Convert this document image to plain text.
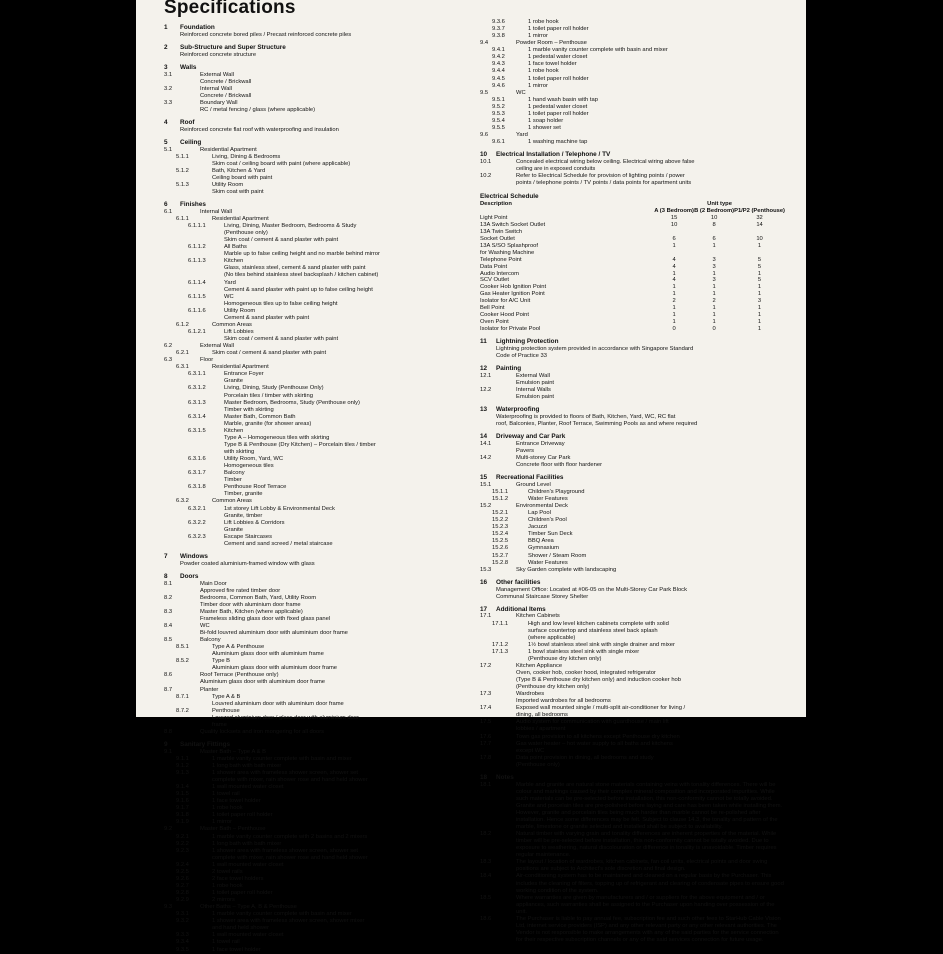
Specifications
1	Foundation
Reinforced concrete bored piles / Precast reinforced concrete piles
2	Sub-Structure and Super Structure
Reinforced concrete structure
3	Walls
3.1	External Wall
Concrete / Brickwall
3.2	Internal Wall
Concrete / Brickwall
3.3	Boundary Wall
RC / metal fencing / glass (where applicable)
4	Roof
Reinforced concrete flat roof with waterproofing and insulation
5	Ceiling
5.1	Residential Apartment
5.1.1	Living, Dining & Bedrooms
Skim coat / ceiling board with paint (where applicable)
5.1.2	Bath, Kitchen & Yard
Ceiling board with paint
5.1.3	Utility Room
Skim coat with paint
6	Finishes
6.1	Internal Wall
6.1.1	Residential Apartment
6.1.1.1	Living, Dining, Master Bedroom, Bedrooms & Study
(Penthouse only)
Skim coat / cement & sand plaster with paint
6.1.1.2	All Baths
Marble up to false ceiling height and no marble behind mirror
6.1.1.3	Kitchen
Glass, stainless steel, cement & sand plaster with paint
(No tiles behind stainless steel backsplash / kitchen cabinet)
6.1.1.4	Yard
Cement & sand plaster with paint up to false ceiling height
6.1.1.5	WC
Homogeneous tiles up to false ceiling height
6.1.1.6	Utility Room
Cement & sand plaster with paint
6.1.2	Common Areas
6.1.2.1	Lift Lobbies
Skim coat / cement & sand plaster with paint
6.2	External Wall
6.2.1	Skim coat / cement & sand plaster with paint
6.3	Floor
6.3.1	Residential Apartment
6.3.1.1	Entrance Foyer
Granite
6.3.1.2	Living, Dining, Study (Penthouse Only)
Porcelain tiles / timber with skirting
6.3.1.3	Master Bedroom, Bedrooms, Study (Penthouse only)
Timber with skirting
6.3.1.4	Master Bath, Common Bath
Marble, granite (for shower areas)
6.3.1.5	Kitchen
Type A – Homogeneous tiles with skirting
Type B & Penthouse (Dry Kitchen) – Porcelain tiles / timber
with skirting
6.3.1.6	Utility Room, Yard, WC
Homogeneous tiles
6.3.1.7	Balcony
Timber
6.3.1.8	Penthouse Roof Terrace
Timber, granite
6.3.2	Common Areas
6.3.2.1	1st storey Lift Lobby & Environmental Deck
Granite, timber
6.3.2.2	Lift Lobbies & Corridors
Granite
6.3.2.3	Escape Staircases
Cement and sand screed / metal staircase
7	Windows
Powder coated aluminium-framed window with glass
8	Doors
8.1	Main Door
Approved fire rated timber door
8.2	Bedrooms, Common Bath, Yard, Utility Room
Timber door with aluminium door frame
8.3	Master Bath, Kitchen (where applicable)
Frameless sliding glass door with fixed glass panel
8.4	WC
Bi-fold louvred aluminium door with aluminium door frame
8.5	Balcony
8.5.1	Type A & Penthouse
Aluminium glass door with aluminium frame
8.5.2	Type B
Aluminium glass door with aluminium door frame
8.6	Roof Terrace (Penthouse only)
Aluminium glass door with aluminium door frame
8.7	Planter
8.7.1	Type A & B
Louvred aluminium door with aluminium door frame
8.7.2	Penthouse
Louvred aluminium door / glass door with aluminium door
frame
8.8	Quality locksets and iron mongering for all doors
9	Sanitary Fittings
9.1	Master Bath – Type A & B
9.1.1	1 marble vanity counter complete with basin and mixer
9.1.2	1 long bath with bath mixer
9.1.3	1 shower area with frameless shower screen, shower set
complete with mixer, rain shower rose and hand held shower
9.1.4	1 wall mounted water closet
9.1.5	1 towel rail
9.1.6	1 face towel holder
9.1.7	1 robe hook
9.1.8	1 toilet paper roll holder
9.1.9	1 mirror
9.2	Master Bath – Penthouse
9.2.1	1 marble vanity counter complete with 2 basins and 2 mixers
9.2.2	1 long bath with bath mixer
9.2.3	1 shower area with frameless shower screen, shower set
complete with mixer, rain shower rose and hand held shower
9.2.4	1 wall mounted water closet
9.2.5	2 towel rails
9.2.6	2 face towel holders
9.2.7	1 robe hook
9.2.8	1 toilet paper roll holder
9.2.9	2 mirrors
9.3	Other Baths – Type A, B & Penthouse
9.3.1	1 marble vanity counter complete with basin and mixer
9.3.2	1 shower area with frameless shower screen, shower mixer
and hand held shower
9.3.3	1 wall mounted water closet
9.3.4	1 towel rail
9.3.5	1 face towel holder
9.3.6	1 robe hook
9.3.7	1 toilet paper roll holder
9.3.8	1 mirror
9.4	Powder Room – Penthouse
9.4.1	1 marble vanity counter complete with basin and mixer
9.4.2	1 pedestal water closet
9.4.3	1 face towel holder
9.4.4	1 robe hook
9.4.5	1 toilet paper roll holder
9.4.6	1 mirror
9.5	WC
9.5.1	1 hand wash basin with tap
9.5.2	1 pedestal water closet
9.5.3	1 toilet paper roll holder
9.5.4	1 soap holder
9.5.5	1 shower set
9.6	Yard
9.6.1	1 washing machine tap
10	Electrical Installation / Telephone / TV
10.1	Concealed electrical wiring below ceiling. Electrical wiring above false
ceiling are in exposed conduits
10.2	Refer to Electrical Schedule for provision of lighting points / power
points / telephone points / TV points / data points for apartment units
Electrical Schedule
Description	Unit type		
	A (3 Bedroom)	B (2 Bedroom)	P1/P2 (Penthouse)
Light Point	15	10	32
13A Switch Socket Outlet	10	8	14
13A Twin Switch			
Socket Outlet	6	6	10
13A S/SO Splashproof	1	1	1
for Washing Machine			
Telephone Point	4	3	5
Data Point	4	3	5
Audio Intercom	1	1	1
SCV Outlet	4	3	5
Cooker Hob Ignition Point	1	1	1
Gas Heater Ignition Point	1	1	1
Isolator for A/C Unit	2	2	3
Bell Point	1	1	1
Cooker Hood Point	1	1	1
Oven Point	1	1	1
Isolator for Private Pool	0	0	1
11	Lightning Protection
Lightning protection system provided in accordance with Singapore Standard
Code of Practice 33
12	Painting
12.1	External Wall
Emulsion paint
12.2	Internal Walls
Emulsion paint
13	Waterproofing
Waterproofing is provided to floors of Bath, Kitchen, Yard, WC, RC flat
roof, Balconies, Planter, Roof Terrace, Swimming Pools as and where required
14	Driveway and Car Park
14.1	Entrance Driveway
Pavers
14.2	Multi-storey Car Park
Concrete floor with floor hardener
15	Recreational Facilities
15.1	Ground Level
15.1.1	Children's Playground
15.1.2	Water Features
15.2	Environmental Deck
15.2.1	Lap Pool
15.2.2	Children's Pool
15.2.3	Jacuzzi
15.2.4	Timber Sun Deck
15.2.5	BBQ Area
15.2.6	Gymnasium
15.2.7	Shower / Steam Room
15.2.8	Water Features
15.3	Sky Garden complete with landscaping
16	Other facilities
Management Office: Located at #06-05 on the Multi-Storey Car Park Block
Communal Staircase Storey Shelter
17	Additional Items
17.1	Kitchen Cabinets
17.1.1	High and low level kitchen cabinets complete with solid
surface countertop and stainless steel back splash
(where applicable)
17.1.2	1½ bowl stainless steel sink with single drainer and mixer
17.1.3	1 bowl stainless steel sink with single mixer
(Penthouse dry kitchen only)
17.2	Kitchen Appliance
Oven, cooker hob, cooker hood, integrated refrigerator
(Type B & Penthouse dry kitchen only) and induction cooker hob
(Penthouse dry kitchen only)
17.3	Wardrobes
Imported wardrobes for all bedrooms
17.4	Exposed wall mounted single / multi-split air-conditioner for living /
dining, all bedrooms
17.5	Audio system for communication with guardhouse / main lift
lobbies / apartment
17.6	Town gas provision to all kitchens except Penthouse dry kitchen
17.7	Gas water heater – hot water supply to all baths and kitchens
except WC
17.8	Data point provision in dining, all bedrooms and study
(Penthouse only)
18	Notes
18.1	Marble and granite are natural stone materials containing veins with tonality differences. There will be colour and markings caused by their complex mineral composition and incorporated impurities. While such materials can be pre-selected before installation, this non-conformity cannot be totally avoided. Granite and porcelain tiles are pre-polished before laying and care has been taken while installing them. However, granite and porcelain tiles being much harder than marble cannot be re-polished after installation. Hence some differences may be felt. Subject to clause 14.3, the tonality and pattern of the marble, limestone or granite selected and installed shall be subject to availability.
18.2	Natural timber with varying grain and tonality differences are inherent properties of the material. While timber will be pre-selected before installation, this non-conformity cannot be totally avoided. Due to exposure to weathering, natural discolouration or difference in tonality is unavoidable. Timber requires regular maintenance.
18.3	The layout / location of wardrobes, kitchen cabinets, fan coil units, electrical points and door swing positions are subject to Architect's sole discretion and final design.
18.4	Air-conditioning system has to be maintained and cleaned on a regular basis by the Purchaser. This includes the cleaning of filters, topping up of refrigerant and clearing of condensate pipes to ensure good working condition of the system.
18.5	Where warranties are given by manufacturers and / or suppliers for the above equipment and / or appliances, such warranties shall be assigned to the Purchaser upon handing over possession of the unit.
18.6	The Purchaser is liable to pay annual fee, subscription fee and such other fees to StarHub Cable Vision Ltd, internet service providers (ISP) and any other relevant party or any other relevant authorities. The Vendor is not responsible to make arrangements with any of the said parties for the service connection for their respective subscription channels or any of the said services connection for future usage.
